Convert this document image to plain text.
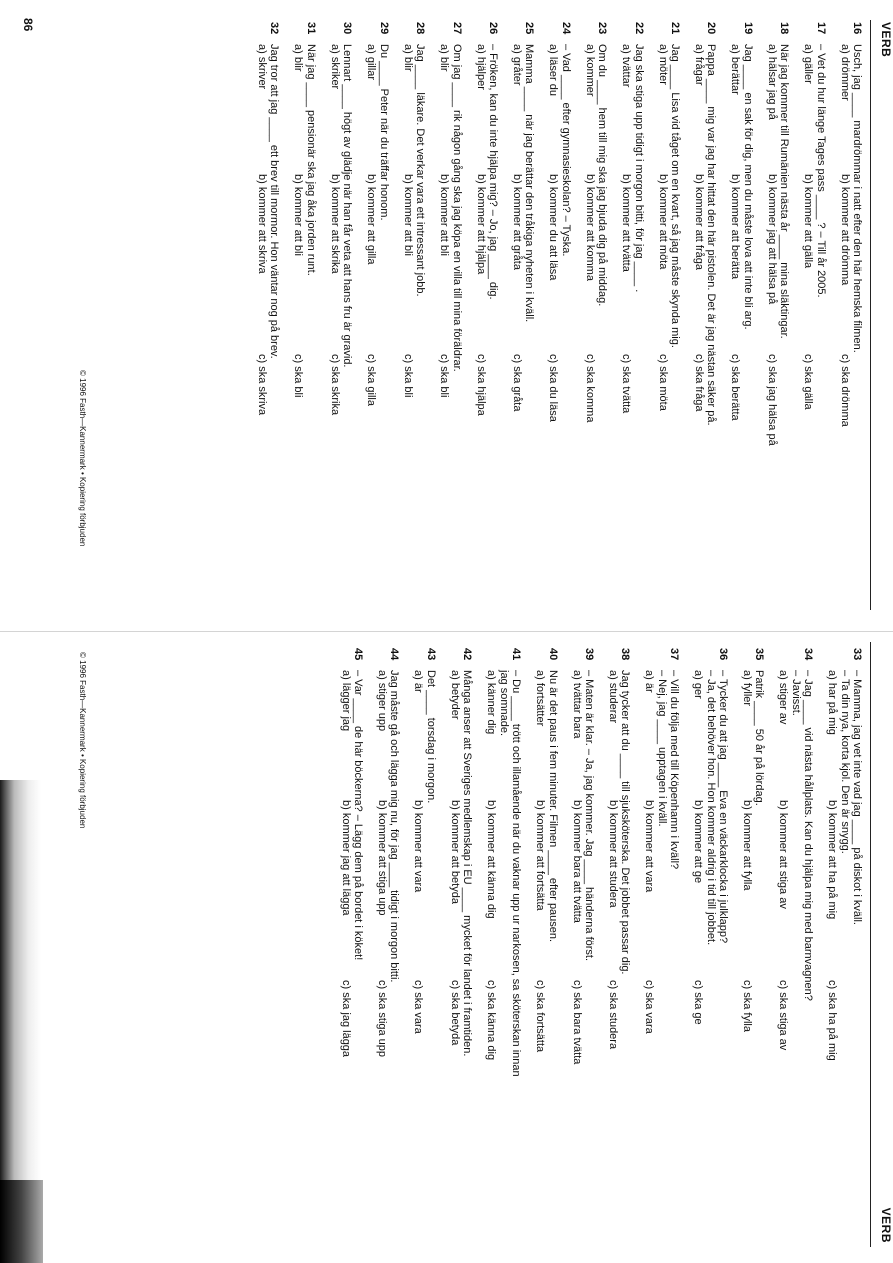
VERB
16
Usch, jag ____ mardrömmar i natt efter den här hemska filmen.
a) drömmer
b) kommer att drömma
c) ska drömma
17
– Vet du hur länge Tages pass ____ ? – Till år 2005.
a) gäller
b) kommer att gälla
c) ska gälla
18
När jag kommer till Rumänien nästa år ____ mina släktingar.
a) hälsar jag på
b) kommer jag att hälsa på
c) ska jag hälsa på
19
Jag ____ en sak för dig, men du måste lova att inte bli arg.
a) berättar
b) kommer att berätta
c) ska berätta
20
Pappa ____ mig var jag har hittat den här pistolen. Det är jag nästan säker på.
a) frågar
b) kommer att fråga
c) ska fråga
21
Jag ____ Lisa vid tåget om en kvart, så jag måste skynda mig.
a) möter
b) kommer att möta
c) ska möta
22
Jag ska stiga upp tidigt i morgon bitti, för jag ____ .
a) tvättar
b) kommer att tvätta
c) ska tvätta
23
Om du ____ hem till mig ska jag bjuda dig på middag.
a) kommer
b) kommer att komma
c) ska komma
24
– Vad ____ efter gymnasieskolan? – Tyska.
a) läser du
b) kommer du att läsa
c) ska du läsa
25
Mamma ____ när jag berättar den tråkiga nyheten i kväll.
a) gråter
b) kommer att gråta
c) ska gråta
26
– Fröken, kan du inte hjälpa mig? – Jo, jag ____ dig.
a) hjälper
b) kommer att hjälpa
c) ska hjälpa
27
Om jag ____ rik någon gång ska jag köpa en villa till mina föräldrar.
a) blir
b) kommer att bli
c) ska bli
28
Jag ____ läkare. Det verkar vara ett intressant jobb.
a) blir
b) kommer att bli
c) ska bli
29
Du ____ Peter när du träffar honom.
a) gillar
b) kommer att gilla
c) ska gilla
30
Lennart ____ högt av glädje när han får veta att hans fru är gravid.
a) skriker
b) kommer att skrika
c) ska skrika
31
När jag ____ pensionär ska jag åka jorden runt.
a) blir
b) kommer att bli
c) ska bli
32
Jag tror att jag ____ ett brev till mormor. Hon väntar nog på brev.
a) skriver
b) kommer att skriva
c) ska skriva
© 1996 Fasth—Kannermark • Kopiering förbjuden
86
VERB
33
– Mamma, jag vet inte vad jag ____ på diskot i kväll.
– Ta din nya, korta kjol. Den är snygg.
a) har på mig
b) kommer att ha på mig
c) ska ha på mig
34
– Jag ____ vid nästa hållplats. Kan du hjälpa mig med barnvagnen?
– Javisst.
a) stiger av
b) kommer att stiga av
c) ska stiga av
35
Patrik ____ 50 år på lördag.
a) fyller
b) kommer att fylla
c) ska fylla
36
– Tycker du att jag ____ Eva en väckarklocka i julklapp?
– Ja, det behöver hon. Hon kommer aldrig i tid till jobbet.
a) ger
b) kommer att ge
c) ska ge
37
– Vill du följa med till Köpenhamn i kväll?
– Nej, jag ____ upptagen i kväll.
a) är
b) kommer att vara
c) ska vara
38
Jag tycker att du ____ till sjuksköterska. Det jobbet passar dig.
a) studerar
b) kommer att studera
c) ska studera
39
– Maten är klar. – Ja, jag kommer. Jag ____ händerna först.
a) tvättar bara
b) kommer bara att tvätta
c) ska bara tvätta
40
Nu är det paus i fem minuter. Filmen ____ efter pausen.
a) fortsätter
b) kommer att fortsätta
c) ska fortsätta
41
– Du ____ trött och illamående när du vaknar upp ur narkosen, sa sköterskan innan
jag somnade.
a) känner dig
b) kommer att känna dig
c) ska känna dig
42
Många anser att Sveriges medlemskap i EU ____ mycket för landet i framtiden.
a) betyder
b) kommer att betyda
c) ska betyda
43
Det ____ torsdag i morgon.
a) är
b) kommer att vara
c) ska vara
44
Jag måste gå och lägga mig nu, för jag ____ tidigt i morgon bitti.
a) stiger upp
b) kommer att stiga upp
c) ska stiga upp
45
– Var ____ de här böckerna? – Lägg dem på bordet i köket!
a) lägger jag
b) kommer jag att lägga
c) ska jag lägga
© 1996 Fasth—Kannermark • Kopiering förbjuden
